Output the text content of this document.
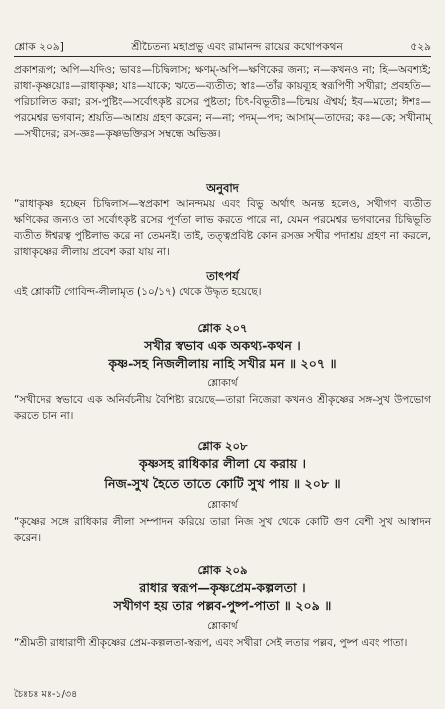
শ্লোক ২০৯]	শ্রীচৈতন্য মহাপ্রভু এবং রামানন্দ রায়ের কথোপকথন	৫২৯
প্রকাশরূপ; অপি—যদিও; ভাবঃ—চিদ্বিলাস; ক্ষণম্-অপি—ক্ষণিকের জন্য; ন—কখনও না; হি—অবশ্যই; রাধা-কৃষ্ণয়োঃ—রাধাকৃষ্ণ; যাঃ—যাকে; ঋতে—ব্যতীত; স্বাঃ—তাঁর কায়ব্যূহ স্বরূপিণী সখীরা; প্রবহতি—পরিচালিত করা; রস-পুষ্টিং—সর্বোৎকৃষ্ট রসের পুষ্টতা; চিৎ-বিভূতীঃ—চিন্ময় ঐশ্বর্য; ইব—মতো; ঈশঃ—পরমেশ্বর ভগবান; শ্রয়তি—আশ্রয় গ্রহণ করেন; ন—না; পদম্—পদ; আসাম্—তাদের; কঃ—কে; সখীনাম্—সখীদের; রস-জ্ঞঃ—কৃষ্ণভক্তিরস সম্বন্ধে অভিজ্ঞ।
অনুবাদ
“রাধাকৃষ্ণ হচ্ছেন চিদ্বিলাস—স্বপ্রকাশ আনন্দময় এবং বিভু অর্থাৎ অনন্ত হলেও, সখীগণ ব্যতীত ক্ষণিকের জন্যও তা সর্বোৎকৃষ্ট রসের পূর্ণতা লাভ করতে পারে না, যেমন পরমেশ্বর ভগবানের চিদ্বিভূতি ব্যতীত ঈশ্বরত্ব পুষ্টিলাভ করে না তেমনই। তাই, তত্ত্বপ্রবিষ্ট কোন রসজ্ঞ সখীর পদাশ্রয় গ্রহণ না করলে, রাধাকৃষ্ণের লীলায় প্রবেশ করা যায় না।
তাৎপর্য
এই শ্লোকটি গোবিন্দ-লীলামৃত (১০/১৭) থেকে উদ্ধৃত হয়েছে।
শ্লোক ২০৭
সখীর স্বভাব এক অকথ্য-কথন ।
কৃষ্ণ-সহ নিজলীলায় নাহি সখীর মন ॥ ২০৭ ॥
শ্লোকার্থ
“সখীদের স্বভাবে এক অনির্বচনীয় বৈশিষ্ট্য রয়েছে—তারা নিজেরা কখনও শ্রীকৃষ্ণের সঙ্গ-সুখ উপভোগ করতে চান না।
শ্লোক ২০৮
কৃষ্ণসহ রাধিকার লীলা যে করায় ।
নিজ-সুখ হৈতে তাতে কোটি সুখ পায় ॥ ২০৮ ॥
শ্লোকার্থ
“কৃষ্ণের সঙ্গে রাধিকার লীলা সম্পাদন করিয়ে তারা নিজ সুখ থেকে কোটি গুণ বেশী সুখ আস্বাদন করেন।
শ্লোক ২০৯
রাধার স্বরূপ—কৃষ্ণপ্রেম-কল্পলতা ।
সখীগণ হয় তার পল্লব-পুষ্প-পাতা ॥ ২০৯ ॥
শ্লোকার্থ
“শ্রীমতী রাধারাণী শ্রীকৃষ্ণের প্রেম-কল্পলতা-স্বরূপ, এবং সখীরা সেই লতার পল্লব, পুষ্প এবং পাতা।
চৈঃচঃ মঃ-১/৩৪
